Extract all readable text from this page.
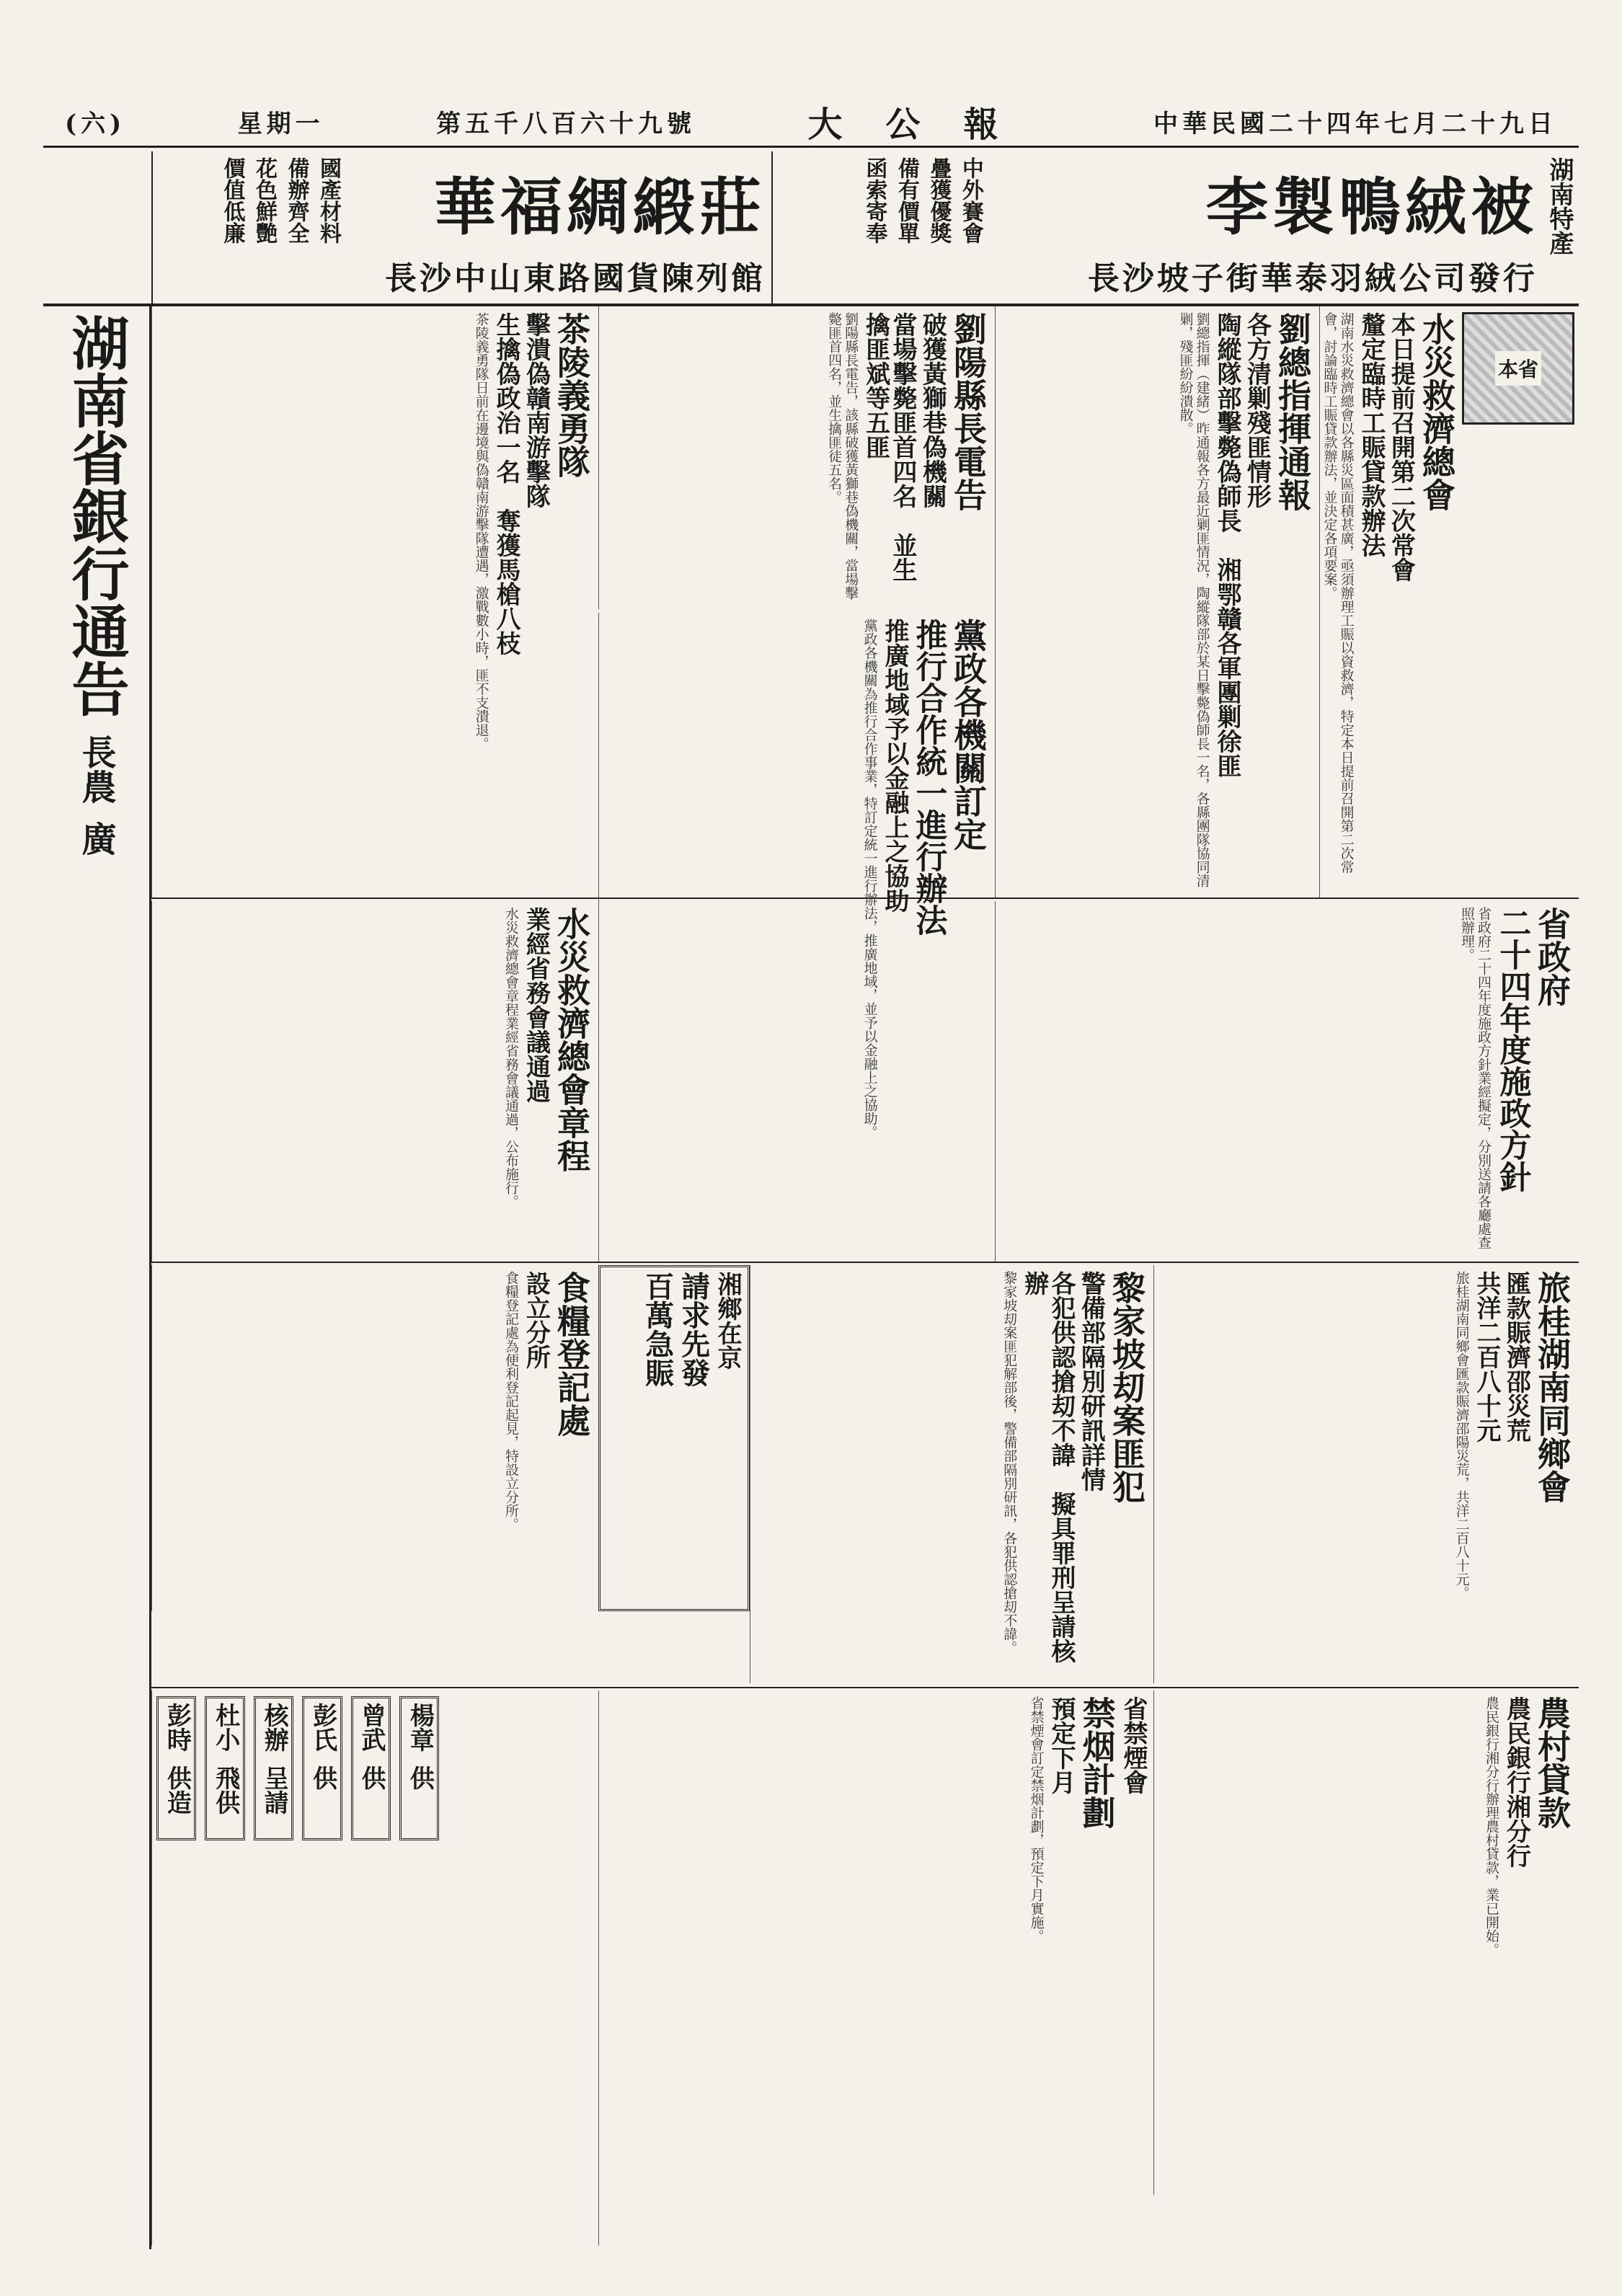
(六)	星期一	第五千八百六十九號	大公報	中華民國二十四年七月二十九日
湖南特產
李製鴨絨被
長沙坡子街華泰羽絨公司發行
中外賽會
疊獲優獎
備有價單
函索寄奉
華福綢緞莊
長沙中山東路國貨陳列館
國產材料
備辦齊全
花色鮮艷
價值低廉
湖南省銀行通告
長農
廣
本省
水災救濟總會
本日提前召開第二次常會
釐定臨時工賑貸款辦法
湖南水災救濟總會以各縣災區面積甚廣，亟須辦理工賑以資救濟，特定本日提前召開第二次常會，討論臨時工賑貸款辦法，並決定各項要案。
劉總指揮通報
各方清剿殘匪情形
陶縱隊部擊斃偽師長　湘鄂贛各軍團剿徐匪
劉總指揮（建緒）昨通報各方最近剿匪情況，陶縱隊部於某日擊斃偽師長一名，各縣團隊協同清剿，殘匪紛紛潰散。
劉陽縣長電告
破獲黃獅巷偽機關
當場擊斃匪首四名　並生擒匪斌等五匪
劉陽縣長電告，該縣破獲黃獅巷偽機關，當場擊斃匪首四名，並生擒匪徒五名。
茶陵義勇隊
擊潰偽贛南游擊隊
生擒偽政治一名　奪獲馬槍八枝
茶陵義勇隊日前在邊境與偽贛南游擊隊遭遇，激戰數小時，匪不支潰退。
省政府
二十四年度施政方針
省政府二十四年度施政方針業經擬定，分別送請各廳處查照辦理。
黨政各機關訂定
推行合作統一進行辦法
推廣地域予以金融上之協助
黨政各機關為推行合作事業，特訂定統一進行辦法，推廣地域，並予以金融上之協助。
水災救濟總會章程
業經省務會議通過
水災救濟總會章程業經省務會議通過，公布施行。
旅桂湖南同鄉會
匯款賑濟邵災荒
共洋二百八十元
旅桂湖南同鄉會匯款賑濟邵陽災荒，共洋二百八十元。
黎家坡刧案匪犯
警備部隔別研訊詳情
各犯供認搶刧不諱　擬具罪刑呈請核辦
黎家坡刧案匪犯解部後，警備部隔別研訊，各犯供認搶刧不諱。
湘鄉在京
請求先發
百萬急賑
食糧登記處
設立分所
食糧登記處為便利登記起見，特設立分所。
農村貸款
農民銀行湘分行
農民銀行湘分行辦理農村貸款，業已開始。
省禁煙會
禁烟計劃
預定下月
省禁煙會訂定禁烟計劃，預定下月實施。
彭時 供造
杜小 飛供
核辦 呈請
彭氏 供
曾武 供
楊章 供
